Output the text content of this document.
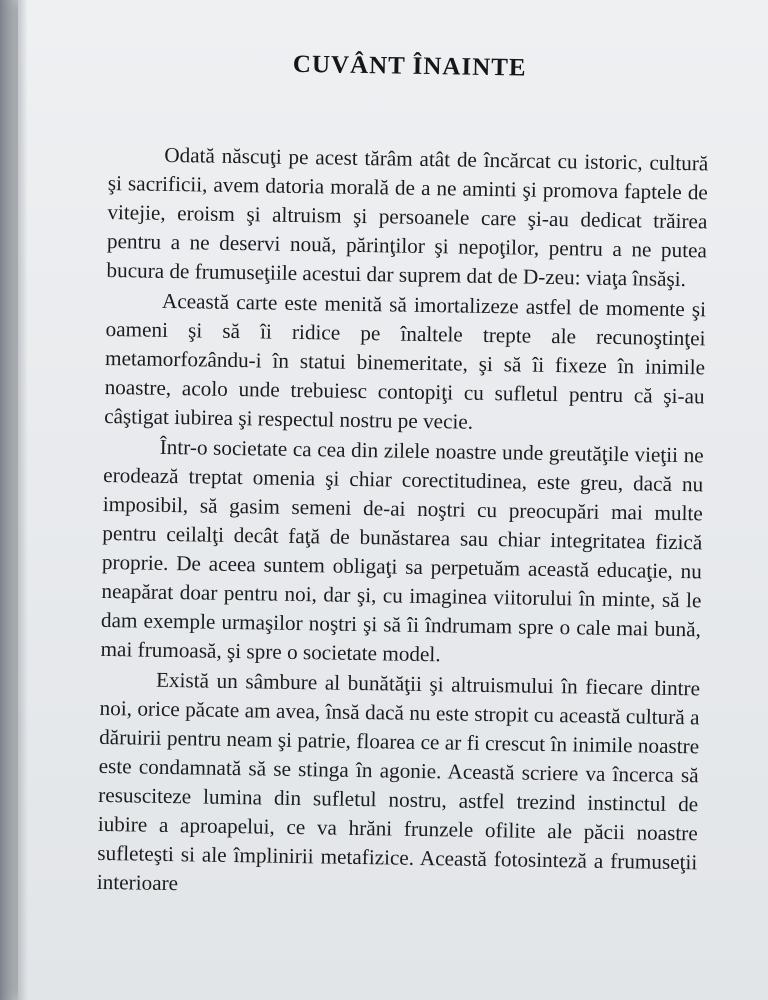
CUVÂNT ÎNAINTE

Odată născuţi pe acest tărâm atât de încărcat cu istoric, cultură şi sacrificii, avem datoria morală de a ne aminti şi promova faptele de vitejie, eroism şi altruism şi persoanele care şi-au dedicat trăirea pentru a ne deservi nouă, părinţilor şi nepoţilor, pentru a ne putea bucura de frumuseţiile acestui dar suprem dat de D-zeu: viaţa însăşi.

Această carte este menită să imortalizeze astfel de momente şi oameni şi să îi ridice pe înaltele trepte ale recunoştinţei metamorfozându-i în statui binemeritate, şi să îi fixeze în inimile noastre, acolo unde trebuiesc contopiţi cu sufletul pentru că şi-au câştigat iubirea şi respectul nostru pe vecie.

Într-o societate ca cea din zilele noastre unde greutăţile vieţii ne erodează treptat omenia şi chiar corectitudinea, este greu, dacă nu imposibil, să gasim semeni de-ai noştri cu preocupări mai multe pentru ceilalţi decât faţă de bunăstarea sau chiar integritatea fizică proprie. De aceea suntem obligaţi sa perpetuăm această educaţie, nu neapărat doar pentru noi, dar şi, cu imaginea viitorului în minte, să le dam exemple urmaşilor noştri şi să îi îndrumam spre o cale mai bună, mai frumoasă, şi spre o societate model.

Există un sâmbure al bunătăţii şi altruismului în fiecare dintre noi, orice păcate am avea, însă dacă nu este stropit cu această cultură a dăruirii pentru neam şi patrie, floarea ce ar fi crescut în inimile noastre este condamnată să se stinga în agonie. Această scriere va încerca să resusciteze lumina din sufletul nostru, astfel trezind instinctul de iubire a aproapelui, ce va hrăni frunzele ofilite ale păcii noastre sufleteşti si ale împlinirii metafizice. Această fotosinteză a frumuseţii interioare
